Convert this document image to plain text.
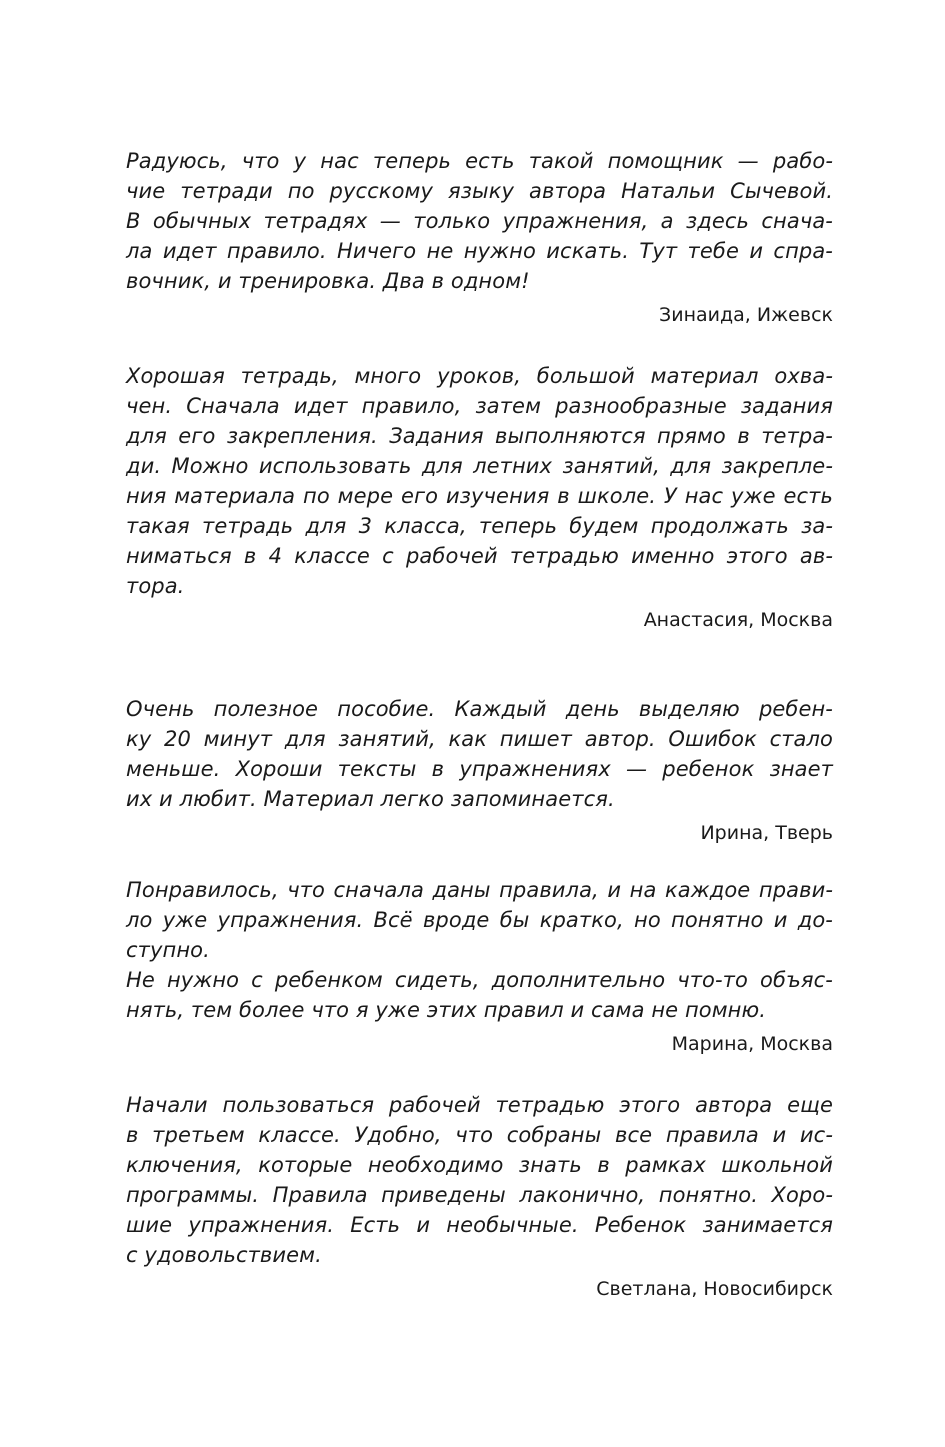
Радуюсь, что у нас теперь есть такой помощник — рабо-
чие тетради по русскому языку автора Натальи Сычевой.
В обычных тетрадях — только упражнения, а здесь снача-
ла идет правило. Ничего не нужно искать. Тут тебе и спра-
вочник, и тренировка. Два в одном!
Зинаида, Ижевск
Хорошая тетрадь, много уроков, большой материал охва-
чен. Сначала идет правило, затем разнообразные задания
для его закрепления. Задания выполняются прямо в тетра-
ди. Можно использовать для летних занятий, для закрепле-
ния материала по мере его изучения в школе. У нас уже есть
такая тетрадь для 3 класса, теперь будем продолжать за-
ниматься в 4 классе с рабочей тетрадью именно этого ав-
тора.
Анастасия, Москва
Очень полезное пособие. Каждый день выделяю ребен-
ку 20 минут для занятий, как пишет автор. Ошибок стало
меньше. Хороши тексты в упражнениях — ребенок знает
их и любит. Материал легко запоминается.
Ирина, Тверь
Понравилось, что сначала даны правила, и на каждое прави-
ло уже упражнения. Всё вроде бы кратко, но понятно и до-
ступно.
Не нужно с ребенком сидеть, дополнительно что-то объяс-
нять, тем более что я уже этих правил и сама не помню.
Марина, Москва
Начали пользоваться рабочей тетрадью этого автора еще
в третьем классе. Удобно, что собраны все правила и ис-
ключения, которые необходимо знать в рамках школьной
программы. Правила приведены лаконично, понятно. Хоро-
шие упражнения. Есть и необычные. Ребенок занимается
с удовольствием.
Светлана, Новосибирск
